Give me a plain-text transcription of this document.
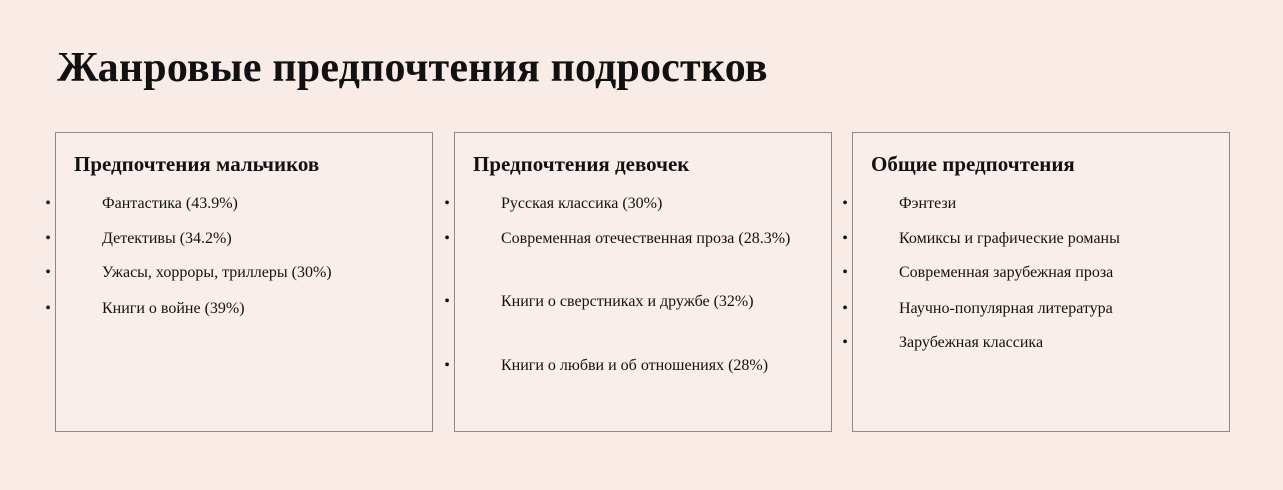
Жанровые предпочтения подростков
Предпочтения мальчиков
•	Фантастика (43.9%)
•	Детективы (34.2%)
•	Ужасы, хорроры, триллеры (30%)
•	Книги о войне (39%)
Предпочтения девочек
•	Русская классика (30%)
•	Современная отечественная проза (28.3%)
•	Книги о сверстниках и дружбе (32%)
•	Книги о любви и об отношениях (28%)
Общие предпочтения
•	Фэнтези
•	Комиксы и графические романы
•	Современная зарубежная проза
•	Научно-популярная литература
•	Зарубежная классика
